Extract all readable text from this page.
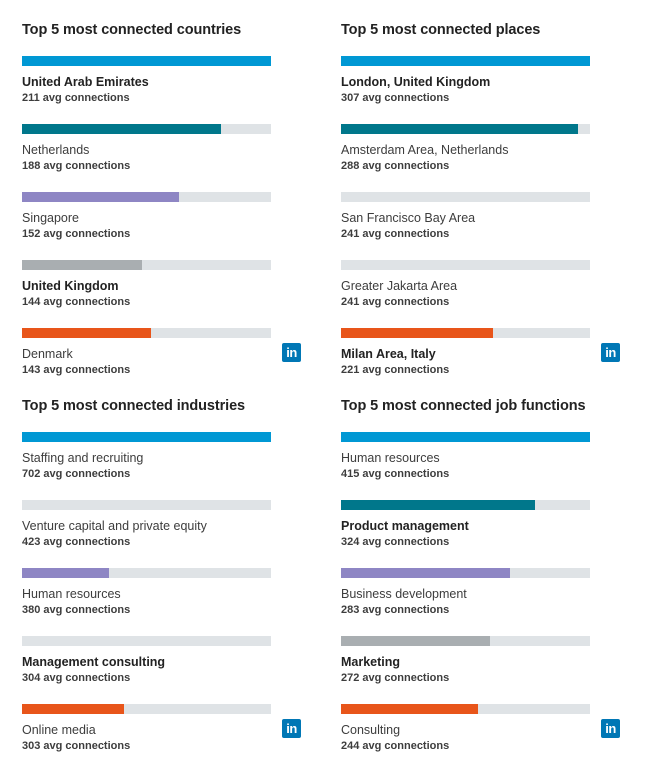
Top 5 most connected countries
United Arab Emirates
211 avg connections
Netherlands
188 avg connections
Singapore
152 avg connections
United Kingdom
144 avg connections
Denmark
143 avg connections
in
Top 5 most connected places
London, United Kingdom
307 avg connections
Amsterdam Area, Netherlands
288 avg connections
San Francisco Bay Area
241 avg connections
Greater Jakarta Area
241 avg connections
Milan Area, Italy
221 avg connections
in
Top 5 most connected industries
Staffing and recruiting
702 avg connections
Venture capital and private equity
423 avg connections
Human resources
380 avg connections
Management consulting
304 avg connections
Online media
303 avg connections
in
Top 5 most connected job functions
Human resources
415 avg connections
Product management
324 avg connections
Business development
283 avg connections
Marketing
272 avg connections
Consulting
244 avg connections
in
